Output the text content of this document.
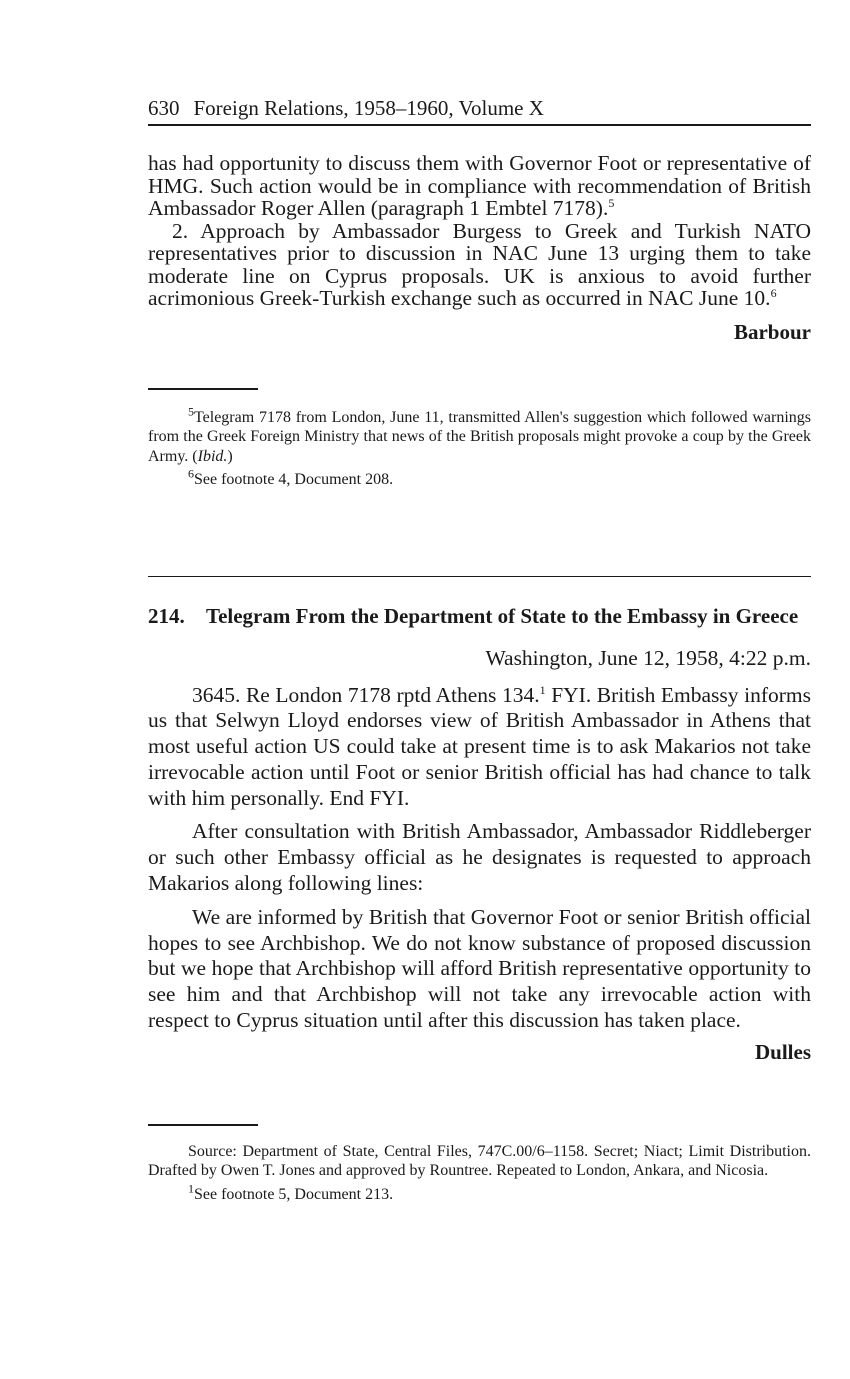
630 Foreign Relations, 1958–1960, Volume X

has had opportunity to discuss them with Governor Foot or representative of HMG. Such action would be in compliance with recommendation of British Ambassador Roger Allen (paragraph 1 Embtel 7178).$^5$

2. Approach by Ambassador Burgess to Greek and Turkish NATO representatives prior to discussion in NAC June 13 urging them to take moderate line on Cyprus proposals. UK is anxious to avoid further acrimonious Greek-Turkish exchange such as occurred in NAC June 10.$^6$

Barbour

$^5$Telegram 7178 from London, June 11, transmitted Allen's suggestion which followed warnings from the Greek Foreign Ministry that news of the British proposals might provoke a coup by the Greek Army. (Ibid.)

$^6$See footnote 4, Document 208.

214.	Telegram From the Department of State to the Embassy in Greece
Washington, June 12, 1958, 4:22 p.m.

3645. Re London 7178 rptd Athens 134.$^1$ FYI. British Embassy informs us that Selwyn Lloyd endorses view of British Ambassador in Athens that most useful action US could take at present time is to ask Makarios not take irrevocable action until Foot or senior British official has had chance to talk with him personally. End FYI.

After consultation with British Ambassador, Ambassador Riddleberger or such other Embassy official as he designates is requested to approach Makarios along following lines:

We are informed by British that Governor Foot or senior British official hopes to see Archbishop. We do not know substance of proposed discussion but we hope that Archbishop will afford British representative opportunity to see him and that Archbishop will not take any irrevocable action with respect to Cyprus situation until after this discussion has taken place.

Dulles

Source: Department of State, Central Files, 747C.00/6–1158. Secret; Niact; Limit Distribution. Drafted by Owen T. Jones and approved by Rountree. Repeated to London, Ankara, and Nicosia.

$^1$See footnote 5, Document 213.
